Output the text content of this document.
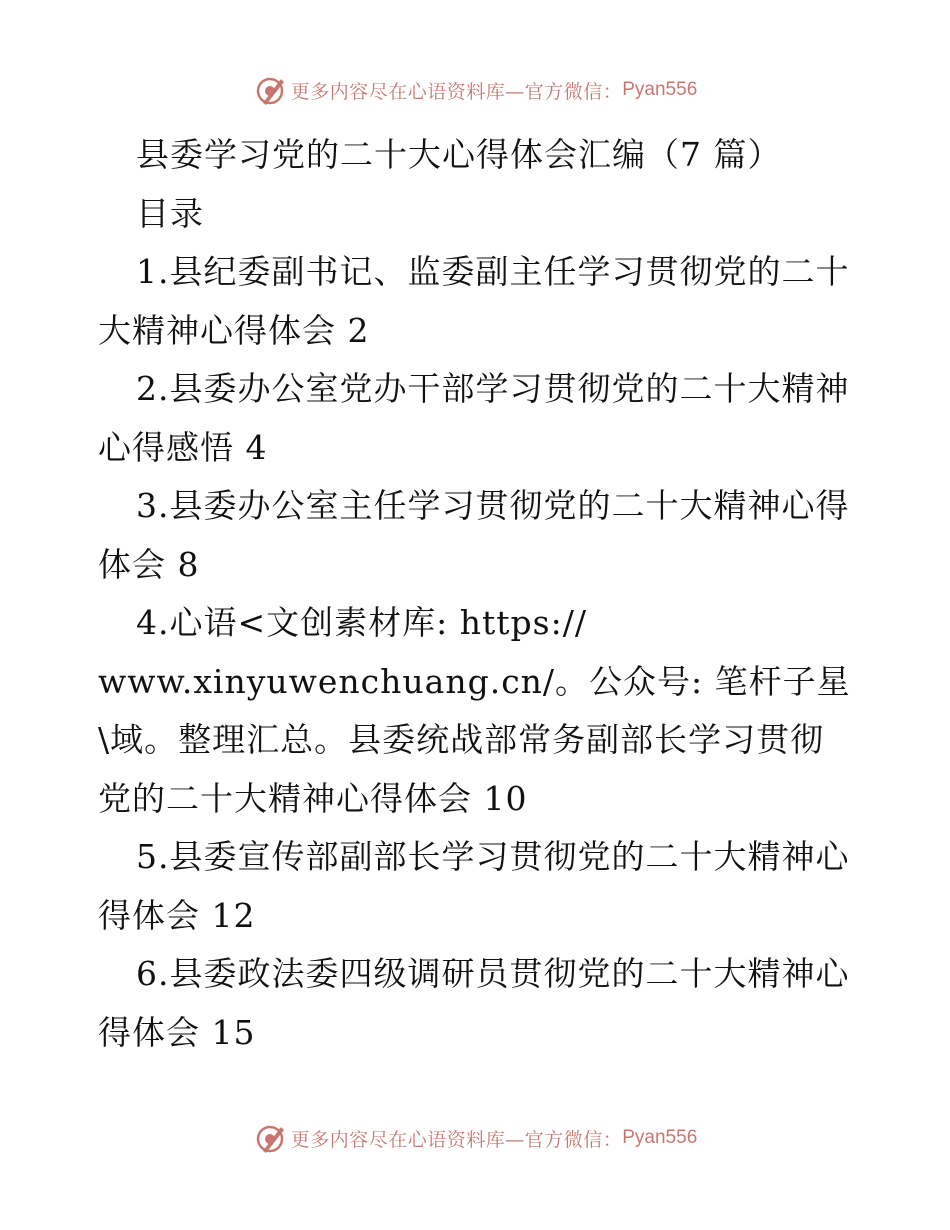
更多内容尽在心语资料库—官方微信： Pyan556

县委学习党的二十大心得体会汇编（7 篇）

目录

1.县纪委副书记、监委副主任学习贯彻党的二十
大精神心得体会 2
2.县委办公室党办干部学习贯彻党的二十大精神
心得感悟 4
3.县委办公室主任学习贯彻党的二十大精神心得
体会 8
4.心语<文创素材库: https://
www.xinyuwenchuang.cn/。公众号: 笔杆子星
\域。整理汇总。县委统战部常务副部长学习贯彻
党的二十大精神心得体会 10
5.县委宣传部副部长学习贯彻党的二十大精神心
得体会 12
6.县委政法委四级调研员贯彻党的二十大精神心
得体会 15
更多内容尽在心语资料库—官方微信： Pyan556
